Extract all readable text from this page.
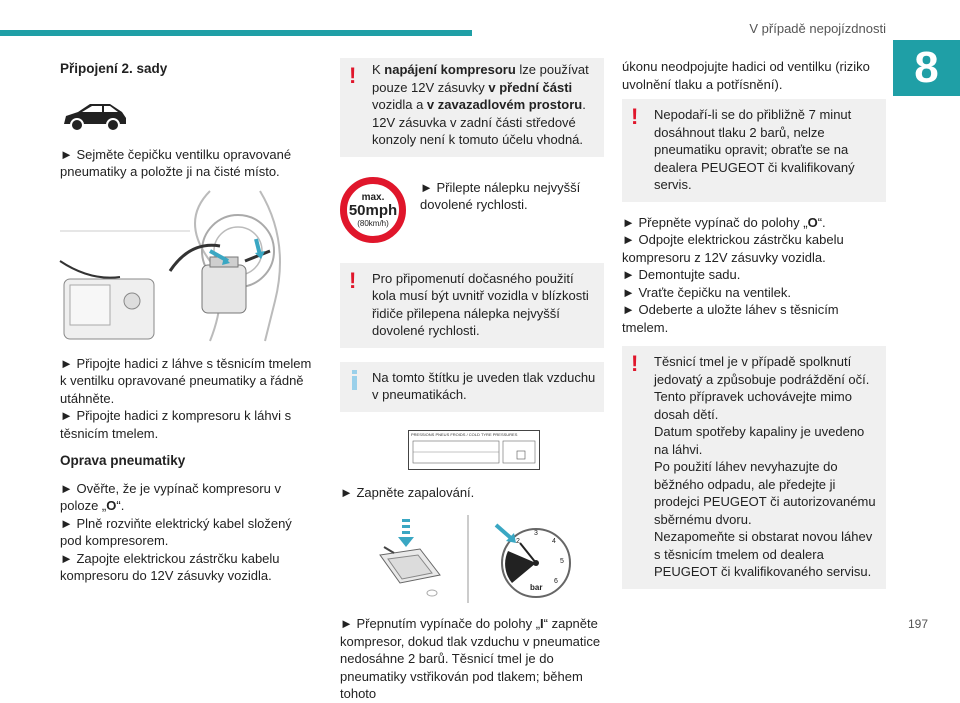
V případě nepojízdnosti
8

Připojení 2. sady

► Sejměte čepičku ventilku opravované pneumatiky a položte ji na čisté místo.

► Připojte hadici z láhve s těsnicím tmelem k ventilku opravované pneumatiky a řádně utáhněte.

► Připojte hadici z kompresoru k láhvi s těsnicím tmelem.

Oprava pneumatiky

► Ověřte, že je vypínač kompresoru v poloze „O“.

► Plně rozviňte elektrický kabel složený pod kompresorem.

► Zapojte elektrickou zástrčku kabelu kompresoru do 12V zásuvky vozidla.

! K napájení kompresoru lze používat pouze 12V zásuvky v přední části vozidla a v zavazadlovém prostoru.

12V zásuvka v zadní části středové konzoly není k tomuto účelu vhodná.

max.
50mph
(80km/h)

► Přilepte nálepku nejvyšší dovolené rychlosti.

! Pro připomenutí dočasného použití kola musí být uvnitř vozidla v blízkosti řidiče přilepena nálepka nejvyšší dovolené rychlosti.

Na tomto štítku je uveden tlak vzduchu v pneumatikách.

PRESSIONS PNEUS FROIDS / COLD TYRE PRESSURES

► Zapněte zapalování.

1
2
3
4
5
6
bar

► Přepnutím vypínače do polohy „I“ zapněte kompresor, dokud tlak vzduchu v pneumatice nedosáhne 2 barů. Těsnicí tmel je do pneumatiky vstřikován pod tlakem; během tohoto

úkonu neodpojujte hadici od ventilku (riziko uvolnění tlaku a potřísnění).

! Nepodaří-li se do přibližně 7 minut dosáhnout tlaku 2 barů, nelze pneumatiku opravit; obraťte se na dealera PEUGEOT či kvalifikovaný servis.

► Přepněte vypínač do polohy „O“.

► Odpojte elektrickou zástrčku kabelu kompresoru z 12V zásuvky vozidla.

► Demontujte sadu.

► Vraťte čepičku na ventilek.

► Odeberte a uložte láhev s těsnicím tmelem.

! Těsnicí tmel je v případě spolknutí jedovatý a způsobuje podráždění očí.

Tento přípravek uchovávejte mimo dosah dětí.

Datum spotřeby kapaliny je uvedeno na láhvi.

Po použití láhev nevyhazujte do běžného odpadu, ale předejte ji prodejci PEUGEOT či autorizovanému sběrnému dvoru.

Nezapomeňte si obstarat novou láhev s těsnicím tmelem od dealera PEUGEOT či kvalifikovaného servisu.

197
